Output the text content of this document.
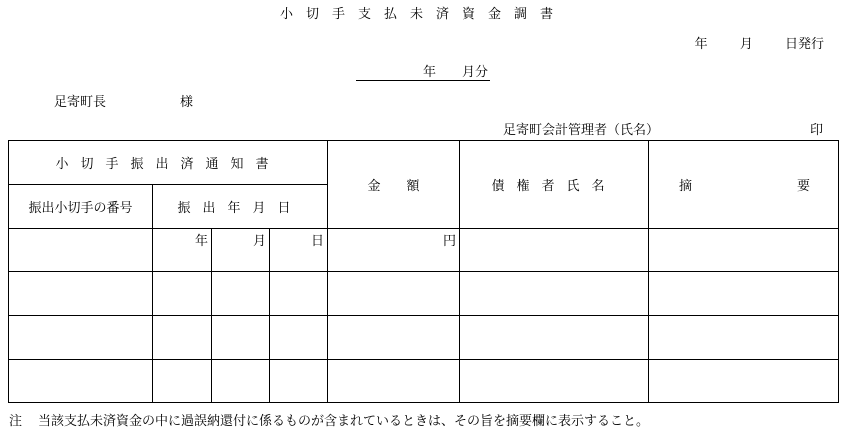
小切手支払未済資金調書
年 月 日発行
年 月分
足寄町長	様
足寄町会計管理者（氏名）	印
小切手振出済通知書				金　　額	債権者氏名	摘 要

振出小切手の番号	振出年月日					
	年	月	日	円		

注 当該支払未済資金の中に過誤納還付に係るものが含まれているときは、その旨を摘要欄に表示すること。
